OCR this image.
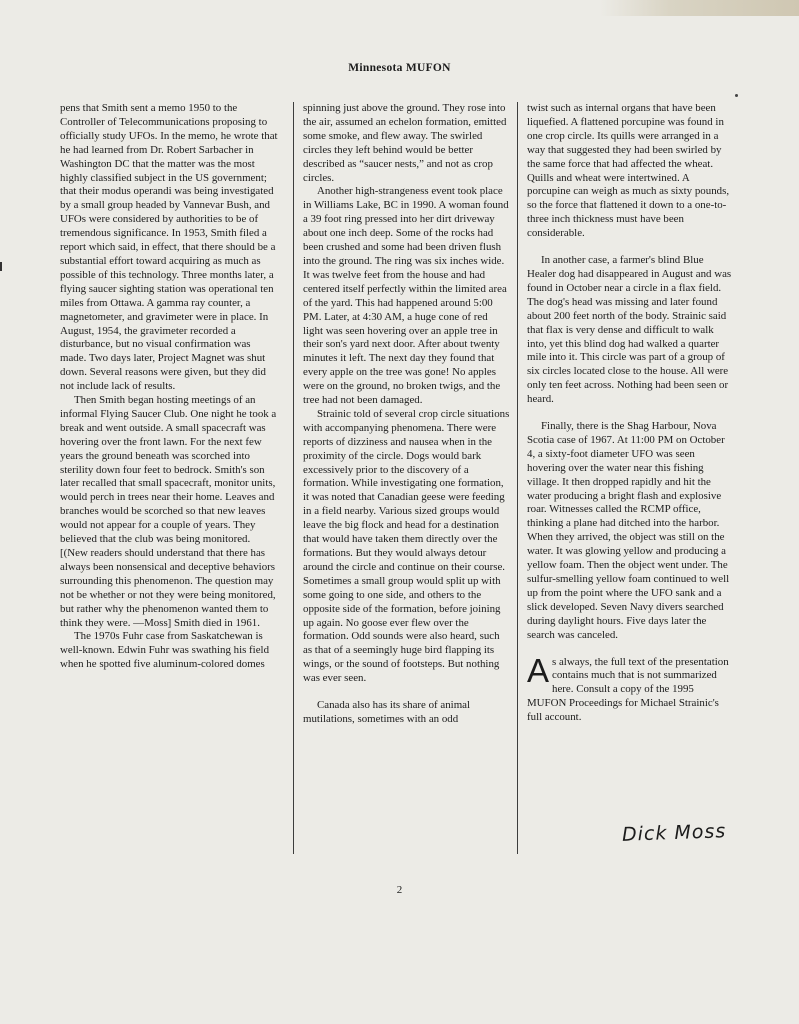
Minnesota MUFON

pens that Smith sent a memo 1950 to the Controller of Telecommunications proposing to officially study UFOs. In the memo, he wrote that he had learned from Dr. Robert Sarbacher in Washington DC that the matter was the most highly classified subject in the US government; that their modus operandi was being investigated by a small group headed by Vannevar Bush, and UFOs were considered by authorities to be of tremendous significance. In 1953, Smith filed a report which said, in effect, that there should be a substantial effort toward acquiring as much as possible of this technology. Three months later, a flying saucer sighting station was operational ten miles from Ottawa. A gamma ray counter, a magnetometer, and gravimeter were in place. In August, 1954, the gravimeter recorded a disturbance, but no visual confirmation was made. Two days later, Project Magnet was shut down. Several reasons were given, but they did not include lack of results.

Then Smith began hosting meetings of an informal Flying Saucer Club. One night he took a break and went outside. A small spacecraft was hovering over the front lawn. For the next few years the ground beneath was scorched into sterility down four feet to bedrock. Smith's son later recalled that small spacecraft, monitor units, would perch in trees near their home. Leaves and branches would be scorched so that new leaves would not appear for a couple of years. They believed that the club was being monitored. [(New readers should understand that there has always been nonsensical and deceptive behaviors surrounding this phenomenon. The question may not be whether or not they were being monitored, but rather why the phenomenon wanted them to think they were. —Moss] Smith died in 1961.

The 1970s Fuhr case from Saskatchewan is well-known. Edwin Fuhr was swathing his field when he spotted five aluminum-colored domes

spinning just above the ground. They rose into the air, assumed an echelon formation, emitted some smoke, and flew away. The swirled circles they left behind would be better described as “saucer nests,” and not as crop circles.

Another high-strangeness event took place in Williams Lake, BC in 1990. A woman found a 39 foot ring pressed into her dirt driveway about one inch deep. Some of the rocks had been crushed and some had been driven flush into the ground. The ring was six inches wide. It was twelve feet from the house and had centered itself perfectly within the limited area of the yard. This had happened around 5:00 PM. Later, at 4:30 AM, a huge cone of red light was seen hovering over an apple tree in their son's yard next door. After about twenty minutes it left. The next day they found that every apple on the tree was gone! No apples were on the ground, no broken twigs, and the tree had not been damaged.

Strainic told of several crop circle situations with accompanying phenomena. There were reports of dizziness and nausea when in the proximity of the circle. Dogs would bark excessively prior to the discovery of a formation. While investigating one formation, it was noted that Canadian geese were feeding in a field nearby. Various sized groups would leave the big flock and head for a destination that would have taken them directly over the formations. But they would always detour around the circle and continue on their course. Sometimes a small group would split up with some going to one side, and others to the opposite side of the formation, before joining up again. No goose ever flew over the formation. Odd sounds were also heard, such as that of a seemingly huge bird flapping its wings, or the sound of footsteps. But nothing was ever seen.

Canada also has its share of animal mutilations, sometimes with an odd

twist such as internal organs that have been liquefied. A flattened porcupine was found in one crop circle. Its quills were arranged in a way that suggested they had been swirled by the same force that had affected the wheat. Quills and wheat were intertwined. A porcupine can weigh as much as sixty pounds, so the force that flattened it down to a one-to-three inch thickness must have been considerable.

In another case, a farmer's blind Blue Healer dog had disappeared in August and was found in October near a circle in a flax field. The dog's head was missing and later found about 200 feet north of the body. Strainic said that flax is very dense and difficult to walk into, yet this blind dog had walked a quarter mile into it. This circle was part of a group of six circles located close to the house. All were only ten feet across. Nothing had been seen or heard.

Finally, there is the Shag Harbour, Nova Scotia case of 1967. At 11:00 PM on October 4, a sixty-foot diameter UFO was seen hovering over the water near this fishing village. It then dropped rapidly and hit the water producing a bright flash and explosive roar. Witnesses called the RCMP office, thinking a plane had ditched into the harbor. When they arrived, the object was still on the water. It was glowing yellow and producing a yellow foam. Then the object went under. The sulfur-smelling yellow foam continued to well up from the point where the UFO sank and a slick developed. Seven Navy divers searched during daylight hours. Five days later the search was canceled.

As always, the full text of the presentation contains much that is not summarized here. Consult a copy of the 1995 MUFON Proceedings for Michael Strainic's full account.

Dick Moss
2
